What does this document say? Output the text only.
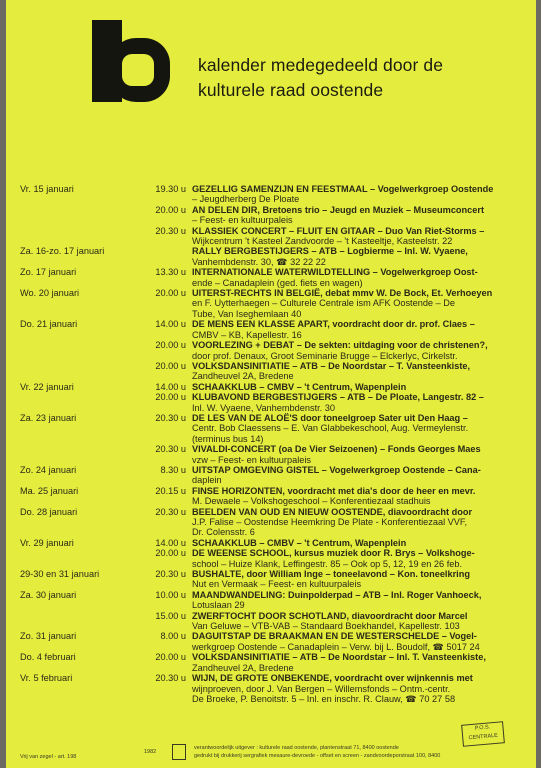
kalender medegedeeld door de
kulturele raad oostende
Vr. 15 januari	19.30 u GEZELLIG SAMENZIJN EN FEESTMAAL – Vogelwerkgroep Oostende
– Jeugdherberg De Ploate
20.00 u AN DELEN DIR, Bretoens trio – Jeugd en Muziek – Museumconcert
– Feest- en kultuurpaleis
20.30 u KLASSIEK CONCERT – FLUIT EN GITAAR – Duo Van Riet-Storms –
Wijkcentrum 't Kasteel Zandvoorde – 't Kasteeltje, Kasteelstr. 22
Za. 16-zo. 17 januari	RALLY BERGBESTIJGERS – ATB – Logbierme – Inl. W. Vyaene,
Vanhembdenstr. 30, ☎ 32 22 22
Zo. 17 januari	13.30 u INTERNATIONALE WATERWILDTELLING – Vogelwerkgroep Oost-
ende – Canadaplein (ged. fiets en wagen)
Wo. 20 januari	20.00 u UITERST-RECHTS IN BELGIË, debat mmv W. De Bock, Et. Verhoeyen
en F. Uytterhaegen – Culturele Centrale ism AFK Oostende – De
Tube, Van Iseghemlaan 40
Do. 21 januari	14.00 u DE MENS EEN KLASSE APART, voordracht door dr. prof. Claes –
CMBV – KB, Kapellestr. 16
20.00 u VOORLEZING + DEBAT – De sekten: uitdaging voor de christenen?,
door prof. Denaux, Groot Seminarie Brugge – Elckerlyc, Cirkelstr.
20.00 u VOLKSDANSINITIATIE – ATB – De Noordstar – T. Vansteenkiste,
Zandheuvel 2A, Bredene
Vr. 22 januari	14.00 u SCHAAKKLUB – CMBV – 't Centrum, Wapenplein
20.00 u KLUBAVOND BERGBESTIJGERS – ATB – De Ploate, Langestr. 82 –
Inl. W. Vyaene, Vanhembdenstr. 30
Za. 23 januari	20.30 u DE LES VAN DE ALOË'S door toneelgroep Sater uit Den Haag –
Centr. Bob Claessens – E. Van Glabbekeschool, Aug. Vermeylenstr.
(terminus bus 14)
20.30 u VIVALDI-CONCERT (oa De Vier Seizoenen) – Fonds Georges Maes
vzw – Feest- en kultuurpaleis
Zo. 24 januari	8.30 u UITSTAP OMGEVING GISTEL – Vogelwerkgroep Oostende – Cana-
daplein
Ma. 25 januari	20.15 u FINSE HORIZONTEN, voordracht met dia's door de heer en mevr.
M. Dewaele – Volkshogeschool – Konferentiezaal stadhuis
Do. 28 januari	20.30 u BEELDEN VAN OUD EN NIEUW OOSTENDE, diavoordracht door
J.P. Falise – Oostendse Heemkring De Plate - Konferentiezaal VVF,
Dr. Colensstr. 6
Vr. 29 januari	14.00 u SCHAAKKLUB – CMBV – 't Centrum, Wapenplein
20.00 u DE WEENSE SCHOOL, kursus muziek door R. Brys – Volkshoge-
school – Huize Klank, Leffingestr. 85 – Ook op 5, 12, 19 en 26 feb.
29-30 en 31 januari	20.30 u BUSHALTE, door William Inge – toneelavond – Kon. toneelkring
Nut en Vermaak – Feest- en kultuurpaleis
Za. 30 januari	10.00 u MAANDWANDELING: Duinpolderpad – ATB – Inl. Roger Vanhoeck,
Lotuslaan 29
15.00 u ZWERFTOCHT DOOR SCHOTLAND, diavoordracht door Marcel
Van Geluwe – VTB-VAB – Standaard Boekhandel, Kapellestr. 103
Zo. 31 januari	8.00 u DAGUITSTAP DE BRAAKMAN EN DE WESTERSCHELDE – Vogel-
werkgroep Oostende – Canadaplein – Verw. bij L. Boudolf, ☎ 5017 24
Do. 4 februari	20.00 u VOLKSDANSINITIATIE – ATB – De Noordstar – Inl. T. Vansteenkiste,
Zandheuvel 2A, Bredene
Vr. 5 februari	20.30 u WIJN, DE GROTE ONBEKENDE, voordracht over wijnkennis met
wijnproeven, door J. Van Bergen – Willemsfonds – Ontm.-centr.
De Broeke, P. Benoitstr. 5 – Inl. en inschr. R. Clauw, ☎ 70 27 58
Vrij van zegel - art. 198
1982
verantwoordelijk uitgever : kulturele raad oostende, plantenstraat 71, 8400 oostende
gedrukt bij drukkerij sergrafiek mesaure-devroede - offset en screen - zandvoordeporstraat 100, 8400
P.O.S.
CENTRALE
